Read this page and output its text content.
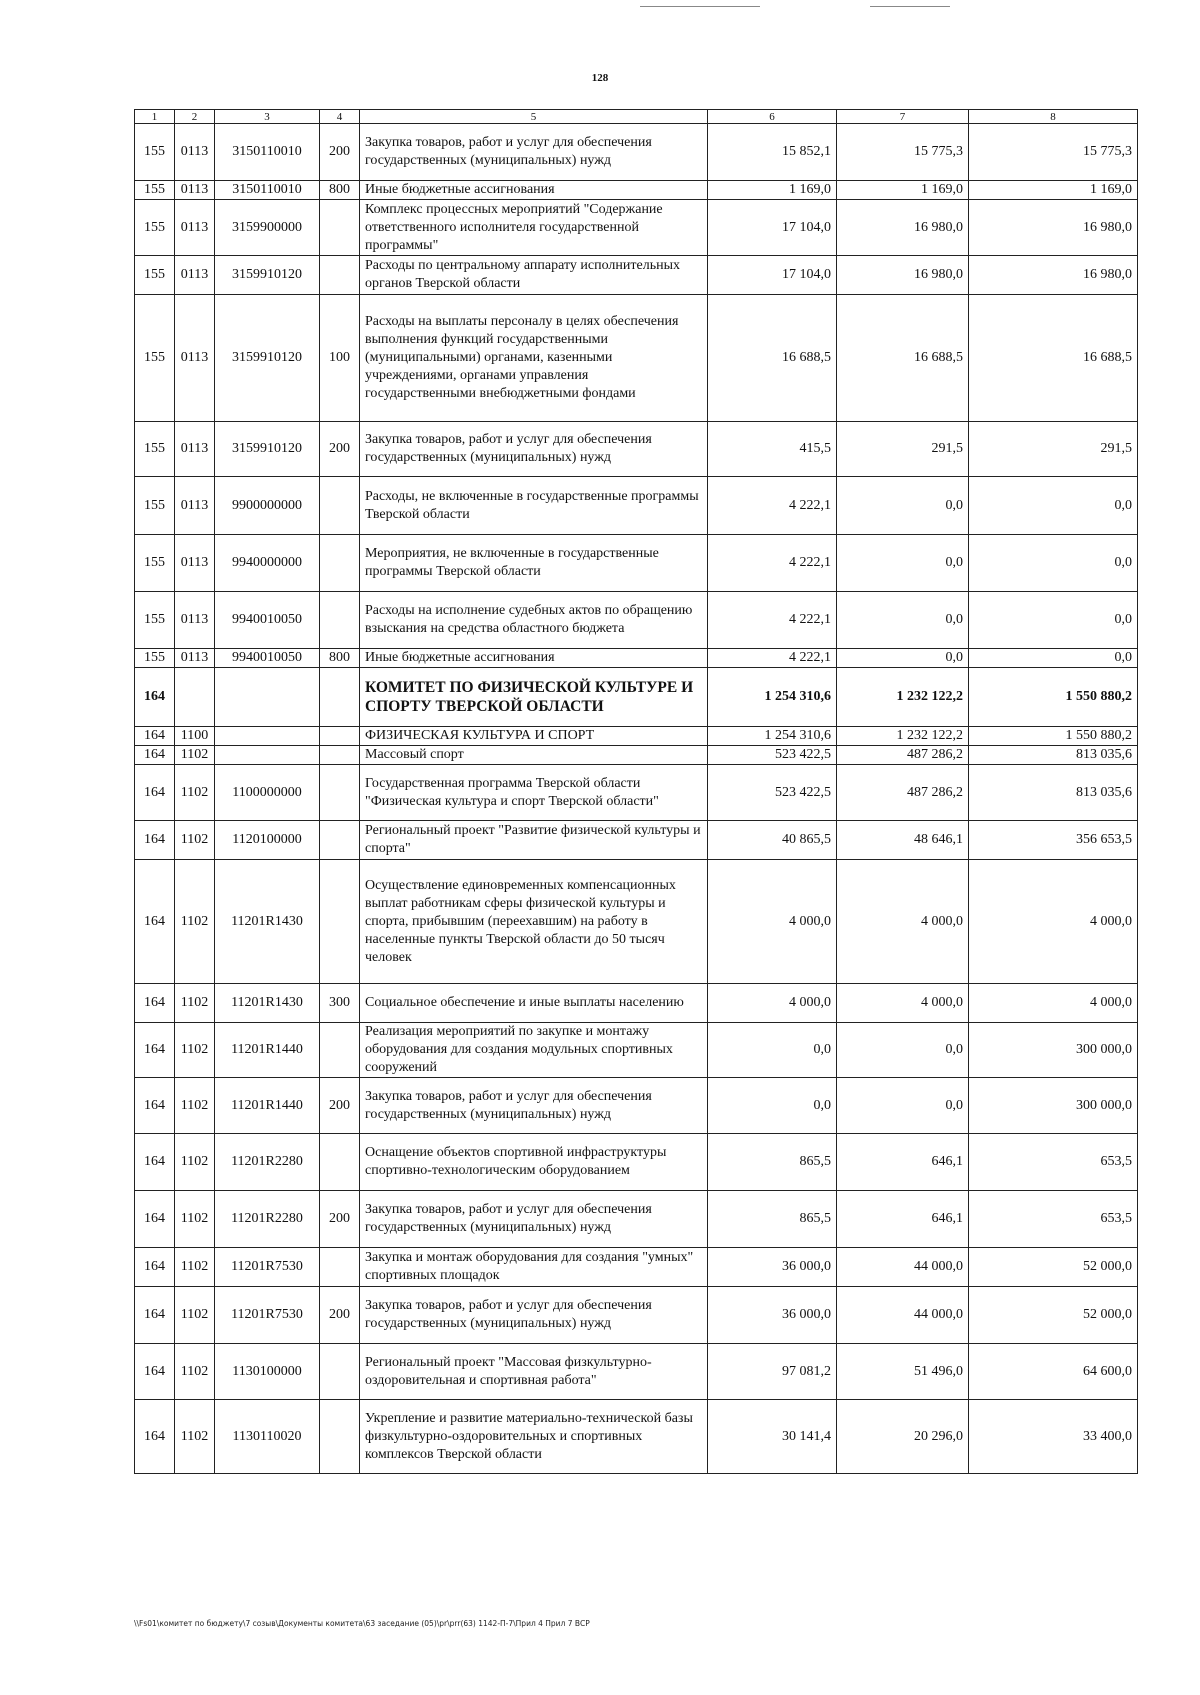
128
1	2	3	4	5	6	7	8
155	0113	3150110010	200	Закупка товаров, работ и услуг для обеспечения государственных (муниципальных) нужд	15 852,1	15 775,3	15 775,3
155	0113	3150110010	800	Иные бюджетные ассигнования	1 169,0	1 169,0	1 169,0
155	0113	3159900000		Комплекс процессных мероприятий "Содержание ответственного исполнителя государственной программы"	17 104,0	16 980,0	16 980,0
155	0113	3159910120		Расходы по центральному аппарату исполнительных органов Тверской области	17 104,0	16 980,0	16 980,0
155	0113	3159910120	100	Расходы на выплаты персоналу в целях обеспечения выполнения функций государственными (муниципальными) органами, казенными учреждениями, органами управления государственными внебюджетными фондами	16 688,5	16 688,5	16 688,5
155	0113	3159910120	200	Закупка товаров, работ и услуг для обеспечения государственных (муниципальных) нужд	415,5	291,5	291,5
155	0113	9900000000		Расходы, не включенные в государственные программы Тверской области	4 222,1	0,0	0,0
155	0113	9940000000		Мероприятия, не включенные в государственные программы Тверской области	4 222,1	0,0	0,0
155	0113	9940010050		Расходы на исполнение судебных актов по обращению взыскания на средства областного бюджета	4 222,1	0,0	0,0
155	0113	9940010050	800	Иные бюджетные ассигнования	4 222,1	0,0	0,0
164				КОМИТЕТ ПО ФИЗИЧЕСКОЙ КУЛЬТУРЕ И СПОРТУ ТВЕРСКОЙ ОБЛАСТИ	1 254 310,6	1 232 122,2	1 550 880,2
164	1100			ФИЗИЧЕСКАЯ КУЛЬТУРА И СПОРТ	1 254 310,6	1 232 122,2	1 550 880,2
164	1102			Массовый спорт	523 422,5	487 286,2	813 035,6
164	1102	1100000000		Государственная программа Тверской области "Физическая культура и спорт Тверской области"	523 422,5	487 286,2	813 035,6
164	1102	1120100000		Региональный проект "Развитие физической культуры и спорта"	40 865,5	48 646,1	356 653,5
164	1102	11201R1430		Осуществление единовременных компенсационных выплат работникам сферы физической культуры и спорта, прибывшим (переехавшим) на работу в населенные пункты Тверской области до 50 тысяч человек	4 000,0	4 000,0	4 000,0
164	1102	11201R1430	300	Социальное обеспечение и иные выплаты населению	4 000,0	4 000,0	4 000,0
164	1102	11201R1440		Реализация мероприятий по закупке и монтажу оборудования для создания модульных спортивных сооружений	0,0	0,0	300 000,0
164	1102	11201R1440	200	Закупка товаров, работ и услуг для обеспечения государственных (муниципальных) нужд	0,0	0,0	300 000,0
164	1102	11201R2280		Оснащение объектов спортивной инфраструктуры спортивно-технологическим оборудованием	865,5	646,1	653,5
164	1102	11201R2280	200	Закупка товаров, работ и услуг для обеспечения государственных (муниципальных) нужд	865,5	646,1	653,5
164	1102	11201R7530		Закупка и монтаж оборудования для создания "умных" спортивных площадок	36 000,0	44 000,0	52 000,0
164	1102	11201R7530	200	Закупка товаров, работ и услуг для обеспечения государственных (муниципальных) нужд	36 000,0	44 000,0	52 000,0
164	1102	1130100000		Региональный проект "Массовая физкультурно-оздоровительная и спортивная работа"	97 081,2	51 496,0	64 600,0
164	1102	1130110020		Укрепление и развитие материально-технической базы физкультурно-оздоровительных и спортивных комплексов Тверской области	30 141,4	20 296,0	33 400,0
\\Fs01\комитет по бюджету\7 созыв\Документы комитета\63 заседание (05)\pr\prr(63) 1142-П-7\Прил 4 Прил 7 ВСР
